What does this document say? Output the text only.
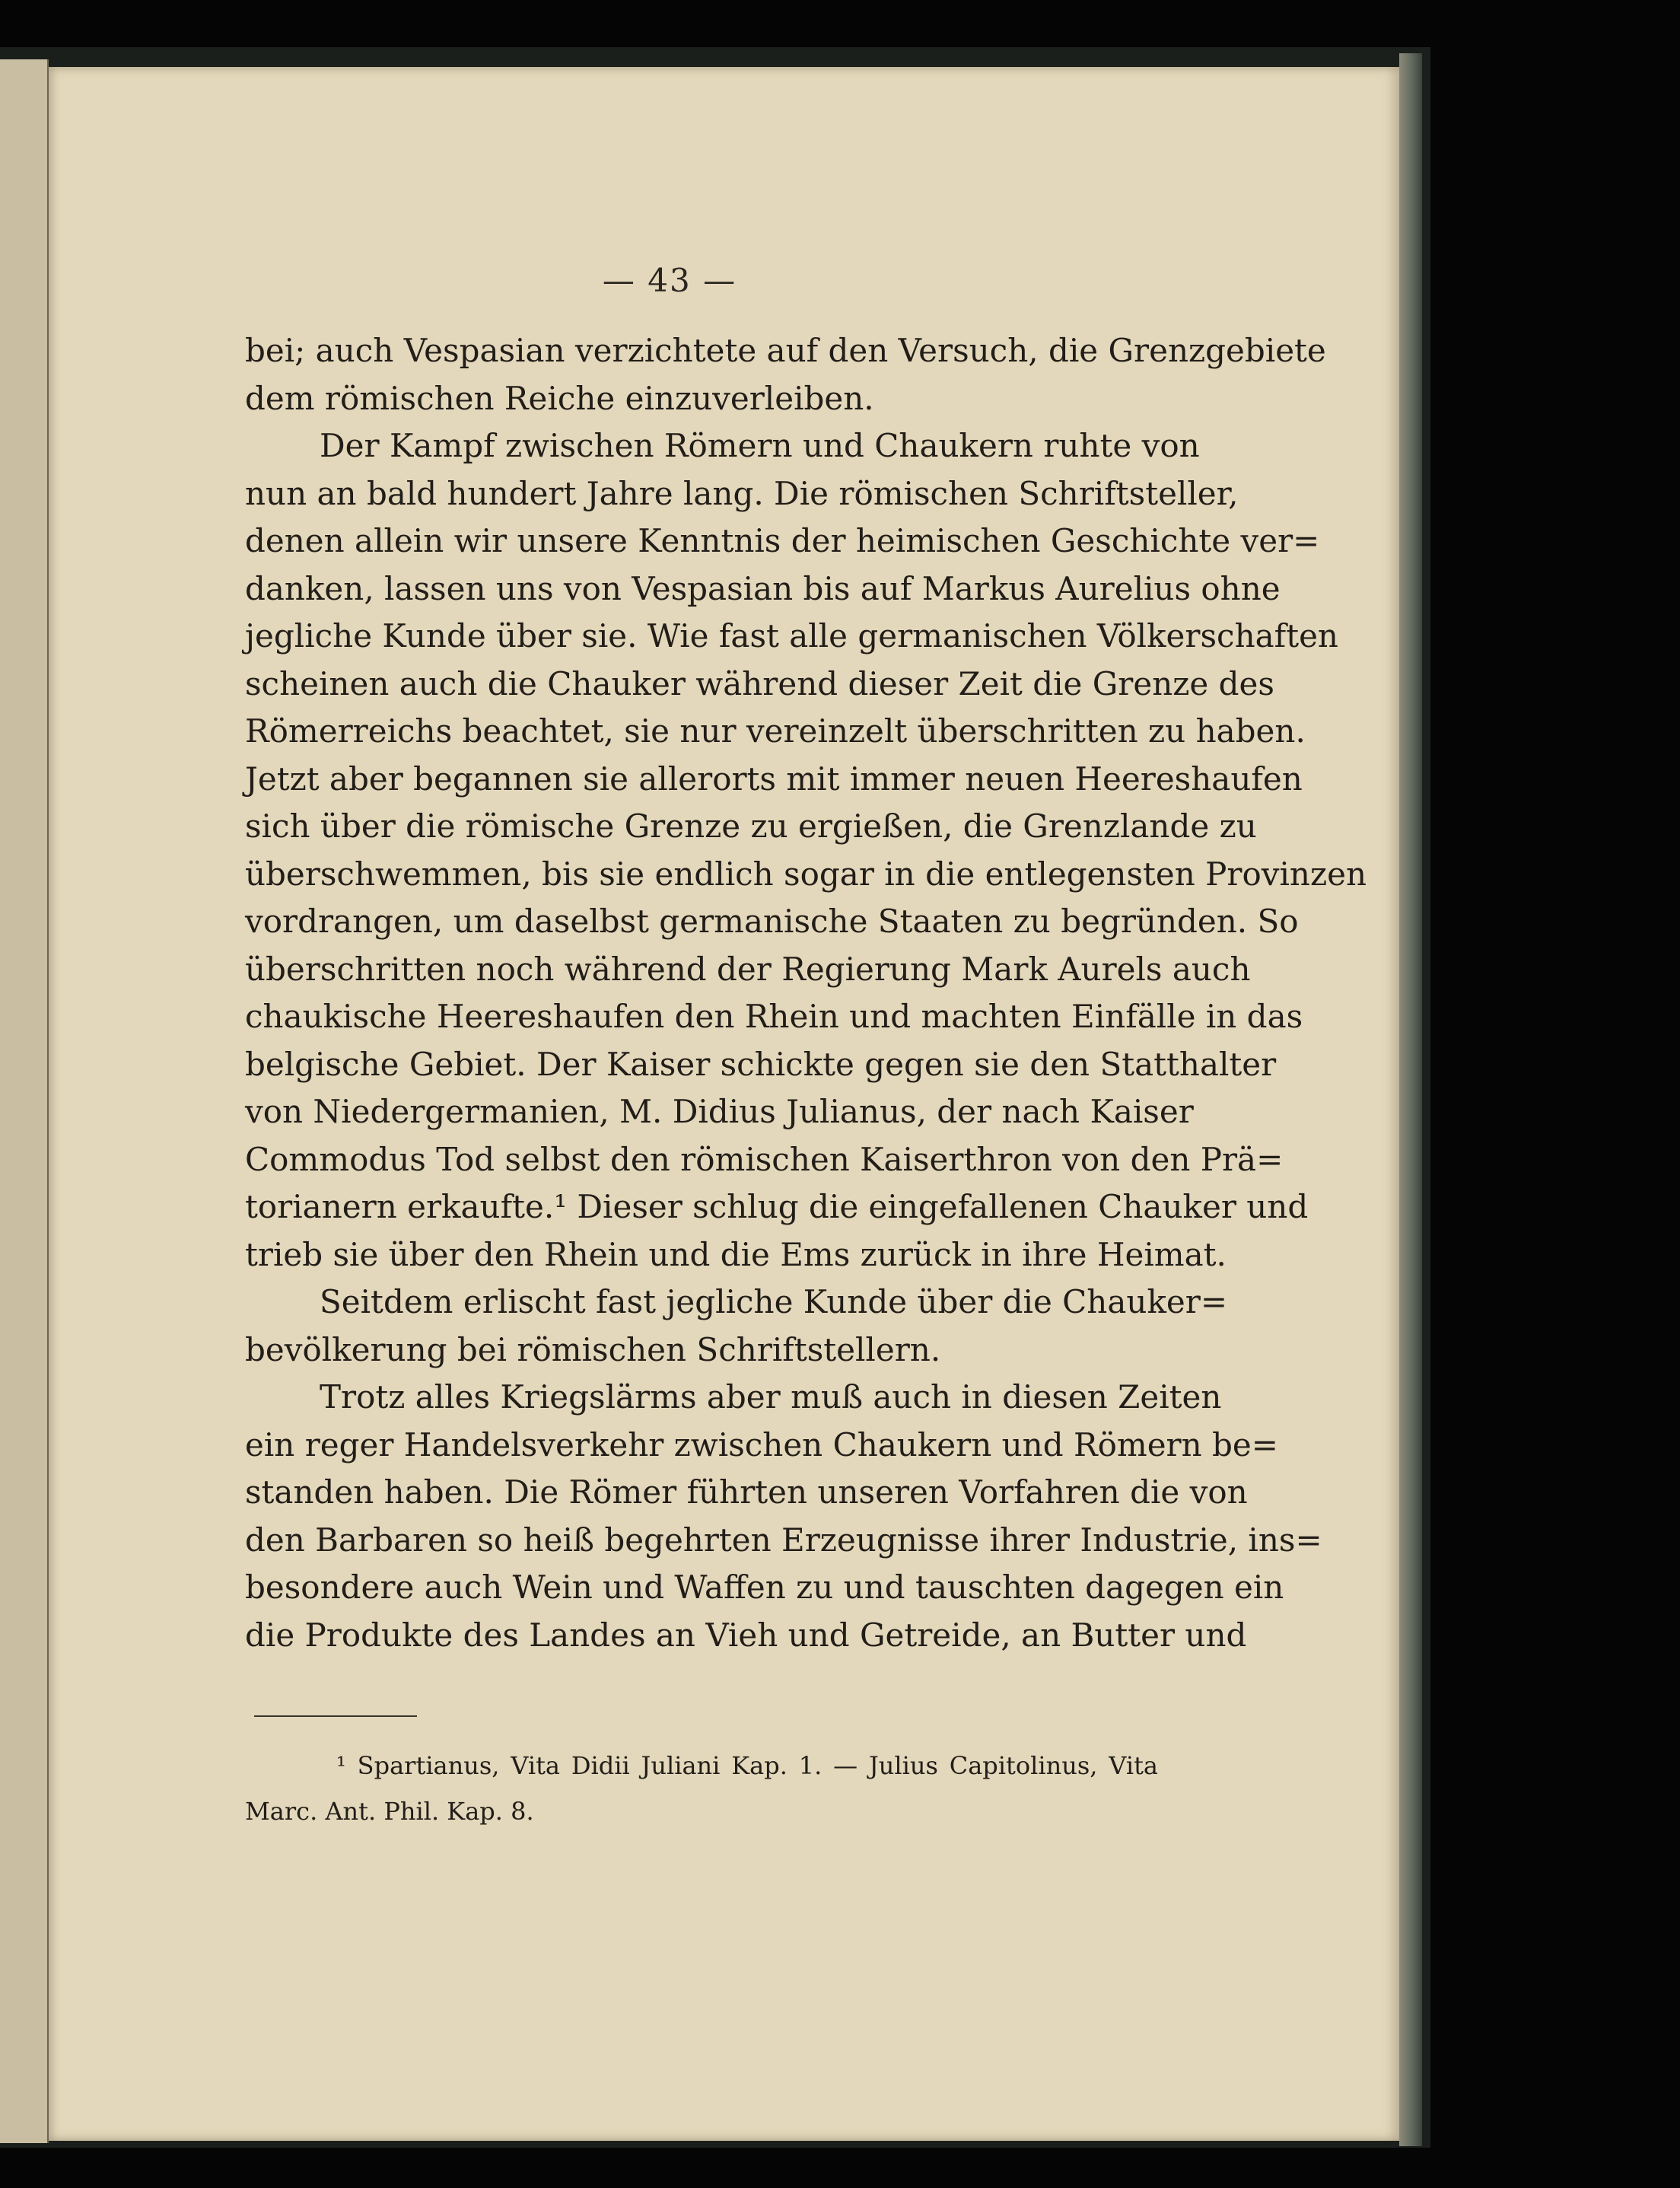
— 43 —
bei; auch Vespasian verzichtete auf den Versuch, die Grenzgebiete
dem römischen Reiche einzuverleiben.
Der Kampf zwischen Römern und Chaukern ruhte von
nun an bald hundert Jahre lang. Die römischen Schriftsteller,
denen allein wir unsere Kenntnis der heimischen Geschichte ver=
danken, lassen uns von Vespasian bis auf Markus Aurelius ohne
jegliche Kunde über sie. Wie fast alle germanischen Völkerschaften
scheinen auch die Chauker während dieser Zeit die Grenze des
Römerreichs beachtet, sie nur vereinzelt überschritten zu haben.
Jetzt aber begannen sie allerorts mit immer neuen Heereshaufen
sich über die römische Grenze zu ergießen, die Grenzlande zu
überschwemmen, bis sie endlich sogar in die entlegensten Provinzen
vordrangen, um daselbst germanische Staaten zu begründen. So
überschritten noch während der Regierung Mark Aurels auch
chaukische Heereshaufen den Rhein und machten Einfälle in das
belgische Gebiet. Der Kaiser schickte gegen sie den Statthalter
von Niedergermanien, M. Didius Julianus, der nach Kaiser
Commodus Tod selbst den römischen Kaiserthron von den Prä=
torianern erkaufte.¹ Dieser schlug die eingefallenen Chauker und
trieb sie über den Rhein und die Ems zurück in ihre Heimat.
Seitdem erlischt fast jegliche Kunde über die Chauker=
bevölkerung bei römischen Schriftstellern.
Trotz alles Kriegslärms aber muß auch in diesen Zeiten
ein reger Handelsverkehr zwischen Chaukern und Römern be=
standen haben. Die Römer führten unseren Vorfahren die von
den Barbaren so heiß begehrten Erzeugnisse ihrer Industrie, ins=
besondere auch Wein und Waffen zu und tauschten dagegen ein
die Produkte des Landes an Vieh und Getreide, an Butter und
¹ Spartianus, Vita Didii Juliani Kap. 1. — Julius Capitolinus, Vita
Marc. Ant. Phil. Kap. 8.
